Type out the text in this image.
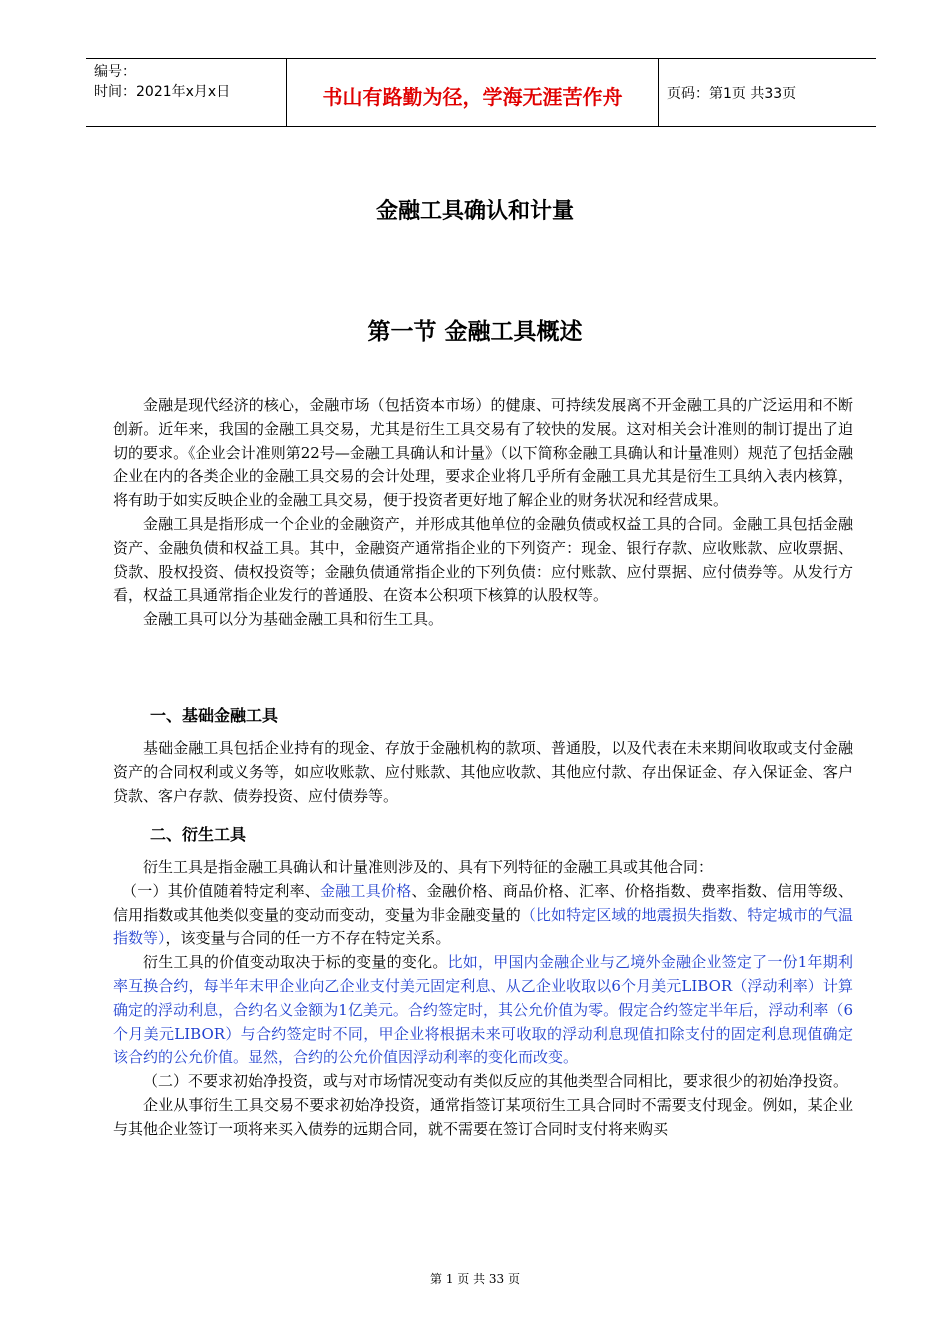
编号：
时间：2021年x月x日	书山有路勤为径，学海无涯苦作舟	页码：第1页 共33页
金融工具确认和计量
第一节 金融工具概述

金融是现代经济的核心，金融市场（包括资本市场）的健康、可持续发展离不开金融工具的广泛运用和不断创新。近年来，我国的金融工具交易，尤其是衍生工具交易有了较快的发展。这对相关会计准则的制订提出了迫切的要求。《企业会计准则第22号—金融工具确认和计量》（以下简称金融工具确认和计量准则）规范了包括金融企业在内的各类企业的金融工具交易的会计处理，要求企业将几乎所有金融工具尤其是衍生工具纳入表内核算，将有助于如实反映企业的金融工具交易，便于投资者更好地了解企业的财务状况和经营成果。

金融工具是指形成一个企业的金融资产，并形成其他单位的金融负债或权益工具的合同。金融工具包括金融资产、金融负债和权益工具。其中，金融资产通常指企业的下列资产：现金、银行存款、应收账款、应收票据、贷款、股权投资、债权投资等；金融负债通常指企业的下列负债：应付账款、应付票据、应付债券等。从发行方看，权益工具通常指企业发行的普通股、在资本公积项下核算的认股权等。

金融工具可以分为基础金融工具和衍生工具。

一、基础金融工具

基础金融工具包括企业持有的现金、存放于金融机构的款项、普通股，以及代表在未来期间收取或支付金融资产的合同权利或义务等，如应收账款、应付账款、其他应收款、其他应付款、存出保证金、存入保证金、客户贷款、客户存款、债券投资、应付债券等。

二、衍生工具

衍生工具是指金融工具确认和计量准则涉及的、具有下列特征的金融工具或其他合同：

（一）其价值随着特定利率、金融工具价格、金融价格、商品价格、汇率、价格指数、费率指数、信用等级、信用指数或其他类似变量的变动而变动，变量为非金融变量的（比如特定区域的地震损失指数、特定城市的气温指数等），该变量与合同的任一方不存在特定关系。

衍生工具的价值变动取决于标的变量的变化。比如，甲国内金融企业与乙境外金融企业签定了一份1年期利率互换合约，每半年末甲企业向乙企业支付美元固定利息、从乙企业收取以6个月美元LIBOR（浮动利率）计算确定的浮动利息，合约名义金额为1亿美元。合约签定时，其公允价值为零。假定合约签定半年后，浮动利率（6个月美元LIBOR）与合约签定时不同，甲企业将根据未来可收取的浮动利息现值扣除支付的固定利息现值确定该合约的公允价值。显然，合约的公允价值因浮动利率的变化而改变。

（二）不要求初始净投资，或与对市场情况变动有类似反应的其他类型合同相比，要求很少的初始净投资。

企业从事衍生工具交易不要求初始净投资，通常指签订某项衍生工具合同时不需要支付现金。例如，某企业与其他企业签订一项将来买入债券的远期合同，就不需要在签订合同时支付将来购买

第 1 页 共 33 页
